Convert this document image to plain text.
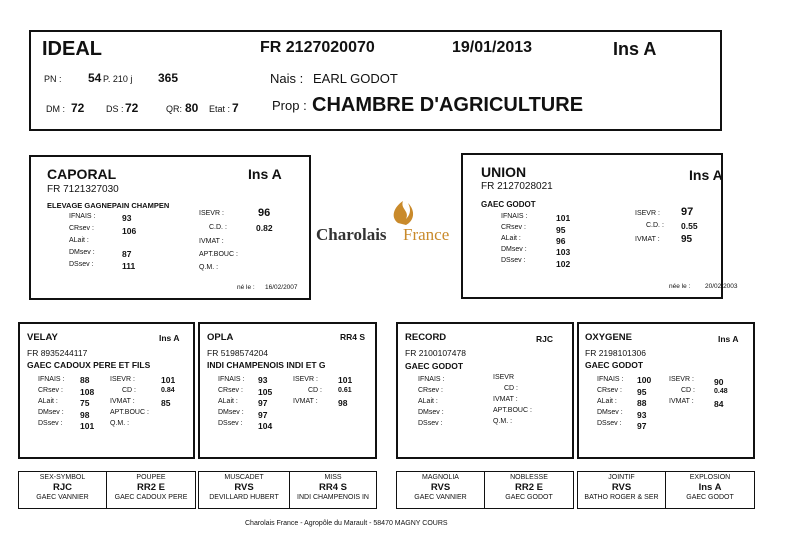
IDEAL	FR 2127020070	19/01/2013	Ins A
PN : 54 P. 210 j 365	Nais : EARL GODOT
DM : 72 DS : 72	QR: 80 Etat : 7	Prop : CHAMBRE D'AGRICULTURE
CAPORAL	Ins A
FR 7121327030
ELEVAGE GAGNEPAIN CHAMPEN
IFNAIS :	93
CRsev :	106
ALait :
DMsev :	87
DSsev :	111
ISEVR :	96
C.D. :	0.82
IVMAT :
APT.BOUC :
Q.M. :
né le : 16/02/2007
Charolais France
UNION	Ins A
FR 2127028021
GAEC GODOT
IFNAIS :	101
CRsev :	95
ALait :	96
DMsev :	103
DSsev :	102
ISEVR : 97
C.D. : 0.55
IVMAT : 95
née le : 20/02/2003
VELAY	Ins A
FR 8935244117
GAEC CADOUX PERE ET FILS
IFNAIS : 88
CRsev : 108
ALait :	75
DMsev : 98
DSsev : 101
ISEVR :	101
CD :	0.84
IVMAT :	85
APT.BOUC :
Q.M. :
OPLA	RR4 S
FR 5198574204
INDI CHAMPENOIS INDI ET G
IFNAIS : 93
CRsev : 105
ALait : 97
DMsev : 97
DSsev : 104
ISEVR : 101
CD : 0.61
IVMAT : 98
RECORD	RJC
FR 2100107478
GAEC GODOT
IFNAIS :
CRsev :
ALait :
DMsev :
DSsev :
ISEVR
CD :
IVMAT :
APT.BOUC :
Q.M. :
OXYGENE	Ins A
FR 2198101306
GAEC GODOT
IFNAIS : 100
CRsev : 95
ALait : 88
DMsev : 93
DSsev : 97
ISEVR : 90
CD :	0.48
IVMAT : 84
SEX-SYMBOL
RJC
GAEC VANNIER
POUPEE
RR2 E
GAEC CADOUX PERE
MUSCADET
RVS
DEVILLARD HUBERT
MISS
RR4 S
INDI CHAMPENOIS IN
MAGNOLIA
RVS
GAEC VANNIER
NOBLESSE
RR2 E
GAEC GODOT
JOINTIF
RVS
BATHO ROGER & SER
EXPLOSION
Ins A
GAEC GODOT
Charolais France - Agropôle du Marault - 58470 MAGNY COURS
